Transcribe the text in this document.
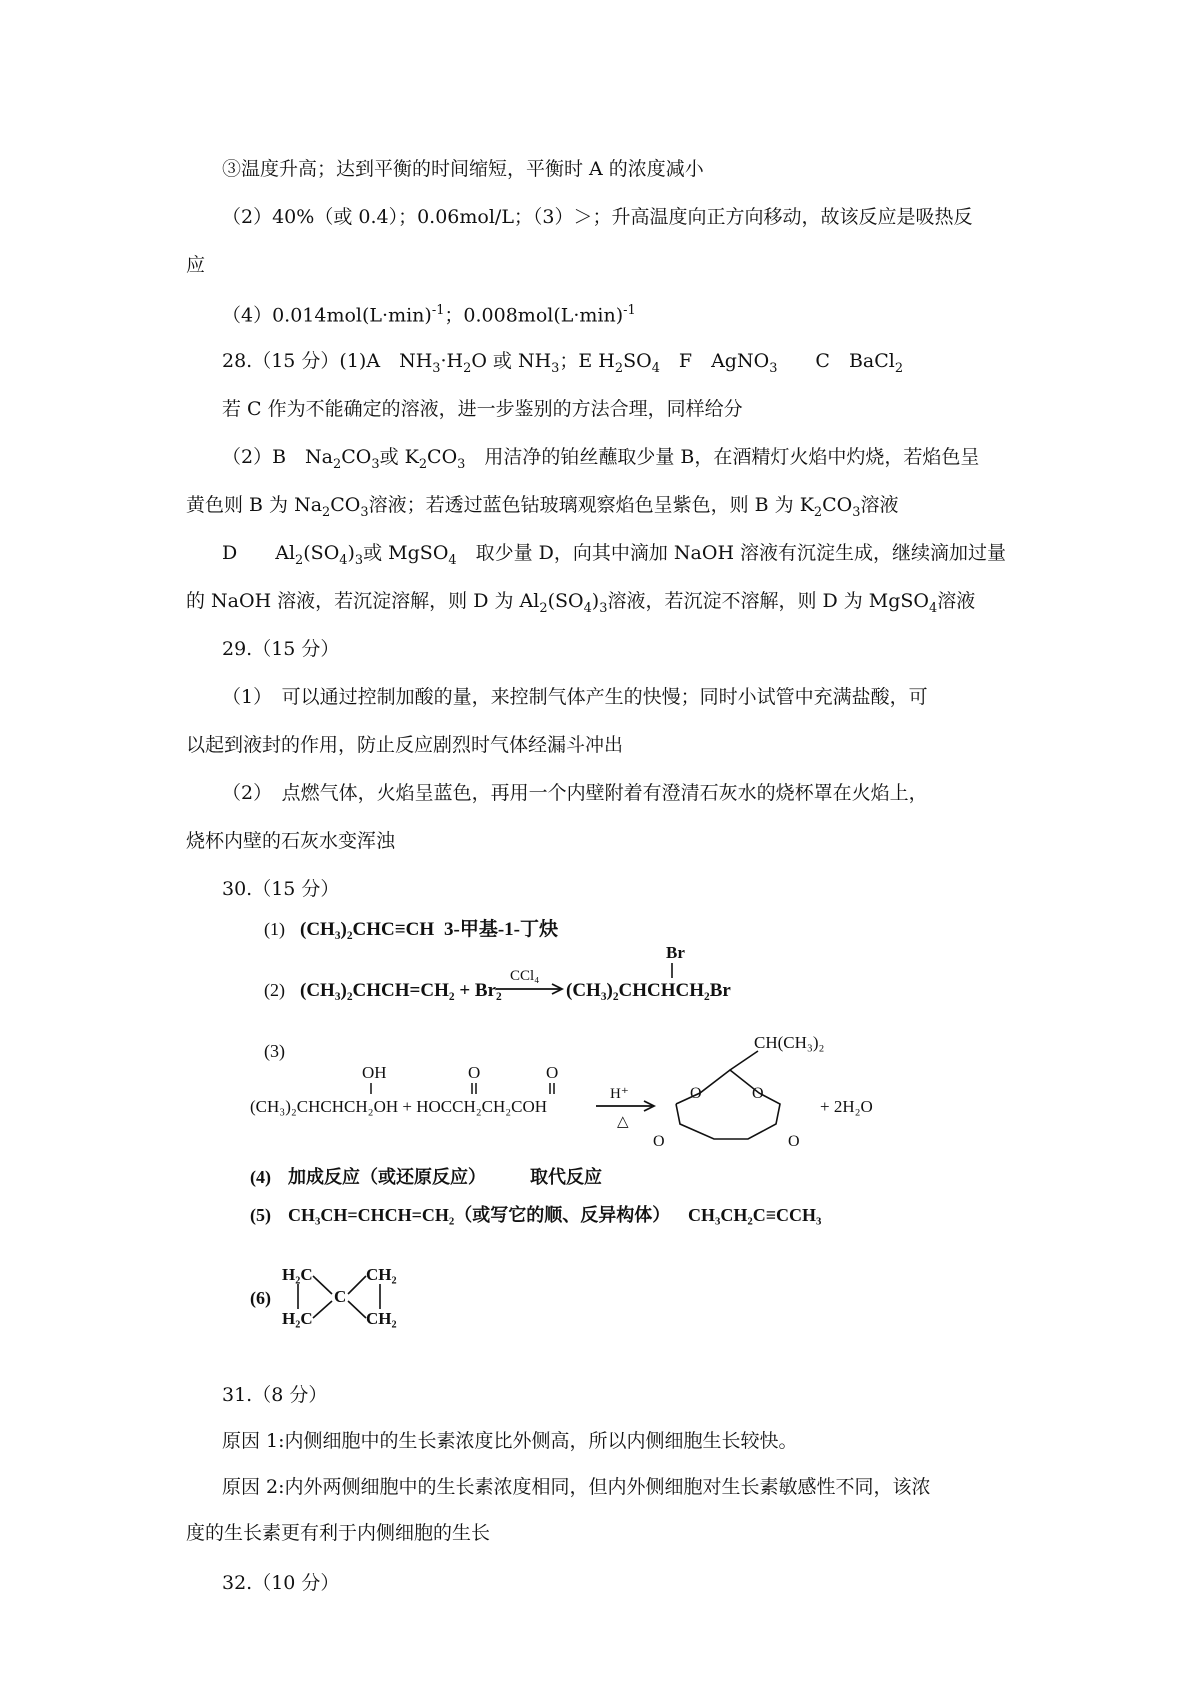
③温度升高；达到平衡的时间缩短，平衡时 A 的浓度减小
（2）40%（或 0.4）；0.06mol/L；（3）＞；升高温度向正方向移动，故该反应是吸热反
应
$(4)0.014mol(L\cdot\min)^{-1}$；$0.008mol(L\cdot\min)^{-1}$
28.（15 分）(1)A　$NH_3\cdot H_2O$ 或 $NH_3$；E $H_2SO_4$　F　AgNO$_3$　　C　BaCl$_2$
若 C 作为不能确定的溶液，进一步鉴别的方法合理，同样给分
（2）B　$Na_2CO_3$或 $K_2CO_3$　用洁净的铂丝蘸取少量 B，在酒精灯火焰中灼烧，若焰色呈
黄色则 B 为 $Na_2CO_3$溶液；若透过蓝色钴玻璃观察焰色呈紫色，则 B 为 $K_2CO_3$溶液
D　　$Al_2(SO_4)_3$或 MgSO$_4$　取少量 D，向其中滴加 NaOH 溶液有沉淀生成，继续滴加过量
的 NaOH 溶液，若沉淀溶解，则 D 为 $Al_2(SO_4)_3$溶液，若沉淀不溶解，则 D 为 MgSO$_4$溶液
29.（15 分）
（1）　可以通过控制加酸的量，来控制气体产生的快慢；同时小试管中充满盐酸，可
以起到液封的作用，防止反应剧烈时气体经漏斗冲出
（2）　点燃气体，火焰呈蓝色，再用一个内壁附着有澄清石灰水的烧杯罩在火焰上，
烧杯内壁的石灰水变浑浊
30.（15 分）
(1) (CH₃)₂CHC≡CH 3-甲基-1-丁炔
(2) (CH₃)₂CHCH=CH₂ + Br₂
CCl₄
Br
(CH₃)₂CHCHCH₂Br
(3)
OH	O	O
(CH₃)₂CHCHCH₂OH + HOCCH₂CH₂COH
H⁺
△
CH(CH₃)₂
O	O
O	O
+ 2H₂O
(4) 加成反应（或还原反应） 取代反应
(5) CH₃CH=CHCH=CH₂（或写它的顺、反异构体） CH₃CH₂C≡CCH₃
(6)
H₂C
H₂C
C
CH₂
CH₂
31.（8 分）
原因 1:内侧细胞中的生长素浓度比外侧高，所以内侧细胞生长较快。
原因 2:内外两侧细胞中的生长素浓度相同，但内外侧细胞对生长素敏感性不同，该浓
度的生长素更有利于内侧细胞的生长
32.（10 分）
